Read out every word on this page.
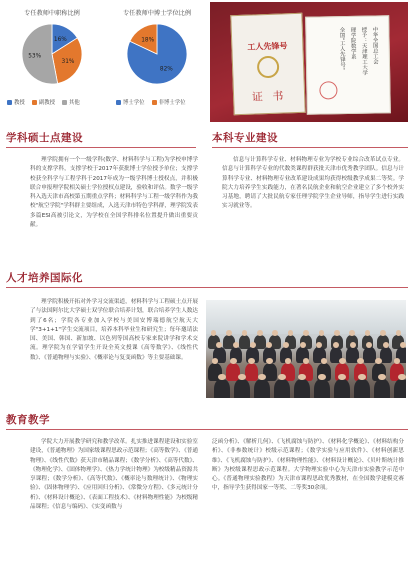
专任教师中职称比例
16%
31%
53%
教授	副教授	其他
专任教师中博士学位比例
82%
18%
博士学位	非博士学位
工人先锋号
证 书
中华全国总工会
授予：天津理工大学
理学院数学系
全国"工人先锋号"
学科硕士点建设

理学院拥有一个一级学科(数学、材料科学与工程)为学校申博学科的支撑学科，支撑学校于2017年获批博士学位授予单位；支撑学校获全科学与工程学科于2017年成为一级学科博士授权点，并积极联合申报理学院相关硕士学位授权点建设，验收和评估。数学一级学科入选天津市高校第五期重点学科；材料科学与工程一级学科作为我校"航空学院"学科群主要组成，入选天津市特色学科群，理学院发表多篇ESI高被引论文，为学校在全国学科排名位置提升做出重要贡献。

本科专业建设

信息与计算科学专业、材料物理专业为学校专业综合改革试点专业。信息与计算科学专业的代数类课程群获批天津市优秀教学团队。信息与计算科学专业、材料物理专业改革建设成果均获得校级教学成果二等奖。学院大力培养学生实践能力，在著名民航企业和航空企业建立了多个校外实习基地，聘请了大批民航专家任理学院学生企业导师，指导学生进行实践实习就业等。

人才培养国际化

理学院积极开拓对外学习交流渠道，材料科学与工程硕士点开展了与法国阿尔比大学硕士双学位联合培养计划，联合培养学生人数达到了6名；学院各专业加入学校与美国安博瑞德航空航天大学"3+1+1"学生交流项目，培养本科毕业生和研究生；每年邀请法国、美国、韩国、新加坡、以色列等国高校专家来院讲学和学术交流。理学院为在学留学生开设全英文授课《高等数学》、《线性代数》、《普通物理与实验》、《概率论与复变函数》等主要基础课。

教育教学

学院大力开展教学研究和教学改革。扎实推进课程建设和实验室建设，《普通物理》为国家级课程思政示范课程；《高等数学》、《普通物理》、《线性代数》获天津市精品课程；《数学分析》、《高等代数》、《物理化学》、《固体物理学》、《热力学统计物理》为校级精品资源共享课程；《数学分析》、《高等代数》、《概率论与数理统计》、《物理实验》、《固体物理学》、《应用回归分析》、《常微分方程》、《多元统计分析》、《材料设计概论》、《表面工程技术》、《材料物理性能》为校级精品课程；《信息与编码》、《实变函数与

泛函分析》、《解析几何》、《飞机腐蚀与防护》、《材料化学概论》、《材料结构分析》、《非参数统计》校级示范课程；《数学实验与应用软件》、《材料创新思维》、《飞机腐蚀与防护》、《材料物理性能》、《材料设计概论》、《贝叶斯统计推断》为校级课程思政示范课程。大学物理实验中心为天津市实验教学示范中心。《普通物理实验教程》为天津市课程思政优秀教材，在全国数学建模竞赛中，指导学生获得国家一等奖、二等奖30余项。
